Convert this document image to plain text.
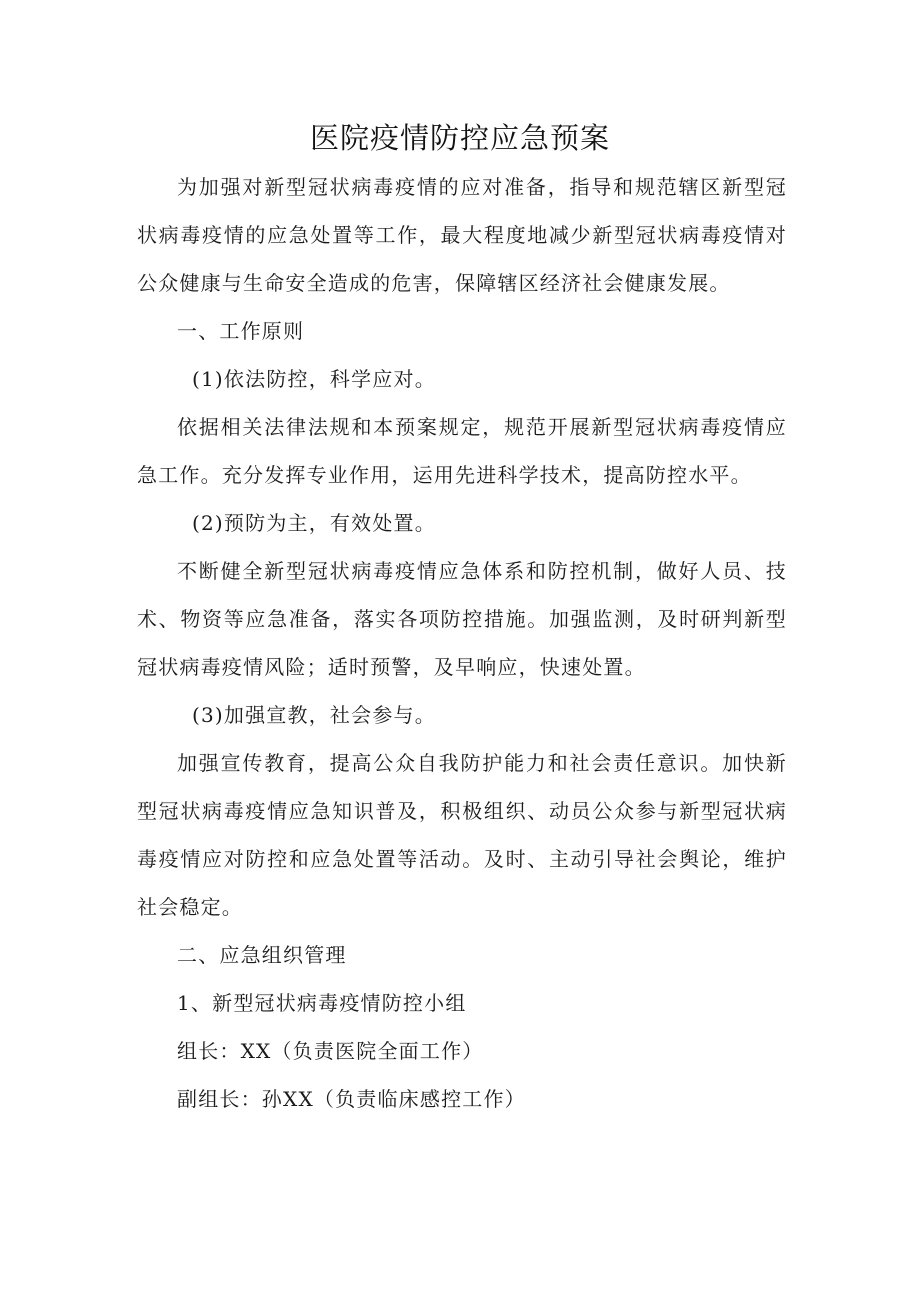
医院疫情防控应急预案

为加强对新型冠状病毒疫情的应对准备，指导和规范辖区新型冠状病毒疫情的应急处置等工作，最大程度地减少新型冠状病毒疫情对公众健康与生命安全造成的危害，保障辖区经济社会健康发展。

一、工作原则

(1)依法防控，科学应对。

依据相关法律法规和本预案规定，规范开展新型冠状病毒疫情应急工作。充分发挥专业作用，运用先进科学技术，提高防控水平。

(2)预防为主，有效处置。

不断健全新型冠状病毒疫情应急体系和防控机制，做好人员、技术、物资等应急准备，落实各项防控措施。加强监测，及时研判新型冠状病毒疫情风险；适时预警，及早响应，快速处置。

(3)加强宣教，社会参与。

加强宣传教育，提高公众自我防护能力和社会责任意识。加快新型冠状病毒疫情应急知识普及，积极组织、动员公众参与新型冠状病毒疫情应对防控和应急处置等活动。及时、主动引导社会舆论，维护社会稳定。

二、应急组织管理

1、新型冠状病毒疫情防控小组

组长：XX（负责医院全面工作）

副组长：孙XX（负责临床感控工作）
